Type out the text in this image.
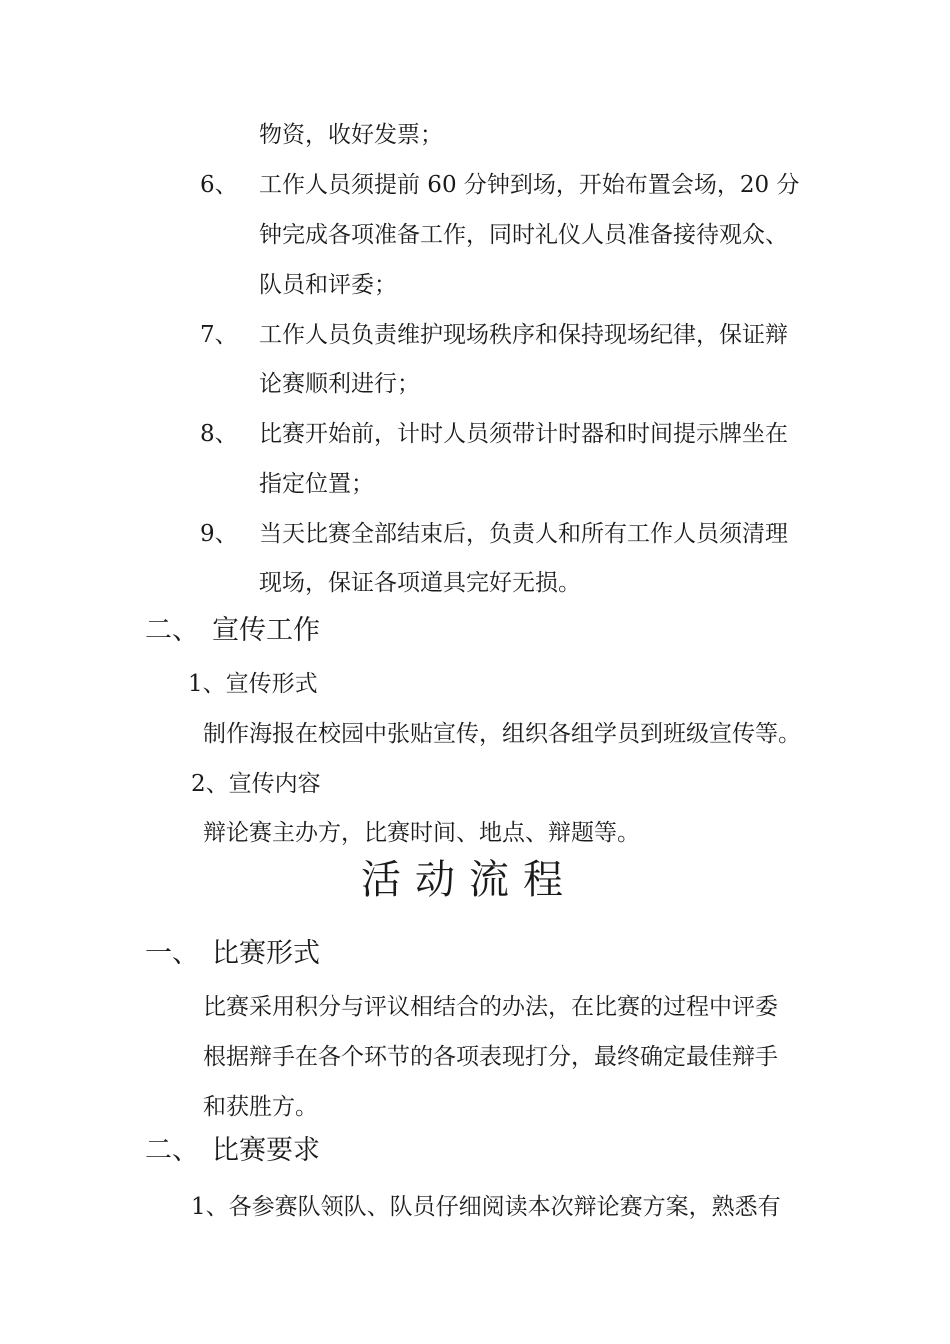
物资，收好发票；
6、 工作人员须提前 60 分钟到场，开始布置会场，20 分
钟完成各项准备工作，同时礼仪人员准备接待观众、
队员和评委；
7、 工作人员负责维护现场秩序和保持现场纪律，保证辩
论赛顺利进行；
8、 比赛开始前，计时人员须带计时器和时间提示牌坐在
指定位置；
9、 当天比赛全部结束后，负责人和所有工作人员须清理
现场，保证各项道具完好无损。
二、 宣传工作
1、宣传形式
制作海报在校园中张贴宣传，组织各组学员到班级宣传等。
2、宣传内容
辩论赛主办方，比赛时间、地点、辩题等。
活动流程
一、 比赛形式
比赛采用积分与评议相结合的办法，在比赛的过程中评委
根据辩手在各个环节的各项表现打分，最终确定最佳辩手
和获胜方。
二、 比赛要求
1、各参赛队领队、队员仔细阅读本次辩论赛方案，熟悉有
